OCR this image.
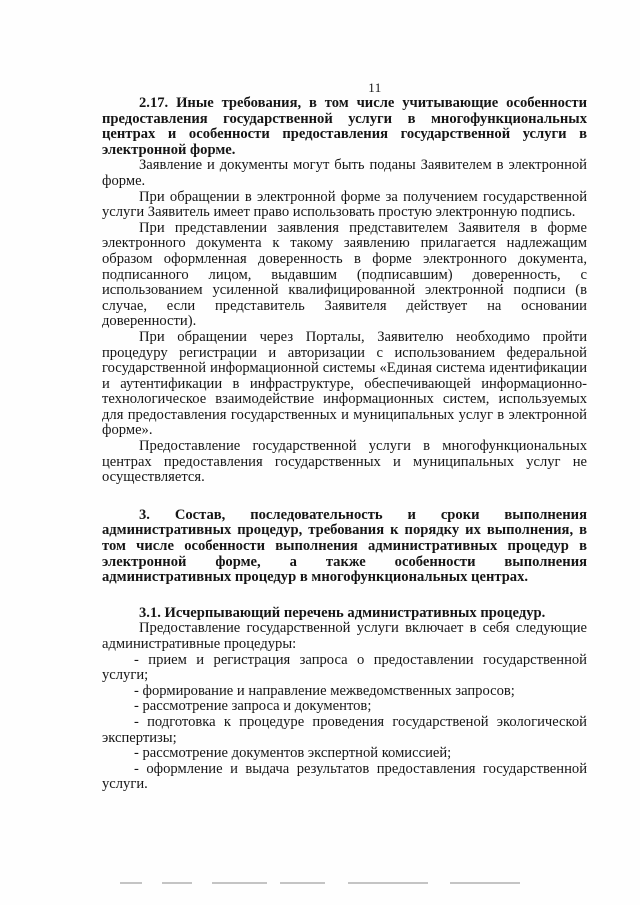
11

2.17. Иные требования, в том числе учитывающие особенности предоставления государственной услуги в многофункциональных центрах и особенности предоставления государственной услуги в электронной форме.

Заявление и документы могут быть поданы Заявителем в электронной форме.

При обращении в электронной форме за получением государственной услуги Заявитель имеет право использовать простую электронную подпись.

При представлении заявления представителем Заявителя в форме электронного документа к такому заявлению прилагается надлежащим образом оформленная доверенность в форме электронного документа, подписанного лицом, выдавшим (подписавшим) доверенность, с использованием усиленной квалифицированной электронной подписи (в случае, если представитель Заявителя действует на основании доверенности).

При обращении через Порталы, Заявителю необходимо пройти процедуру регистрации и авторизации с использованием федеральной государственной информационной системы «Единая система идентификации и аутентификации в инфраструктуре, обеспечивающей информационно-технологическое взаимодействие информационных систем, используемых для предоставления государственных и муниципальных услуг в электронной форме».

Предоставление государственной услуги в многофункциональных центрах предоставления государственных и муниципальных услуг не осуществляется.

3. Состав, последовательность и сроки выполнения административных процедур, требования к порядку их выполнения, в том числе особенности выполнения административных процедур в электронной форме, а также особенности выполнения административных процедур в многофункциональных центрах.

3.1. Исчерпывающий перечень административных процедур.

Предоставление государственной услуги включает в себя следующие административные процедуры:

- прием и регистрация запроса о предоставлении государственной услуги;

- формирование и направление межведомственных запросов;

- рассмотрение запроса и документов;

- подготовка к процедуре проведения государственой экологической экспертизы;

- рассмотрение документов экспертной комиссией;

- оформление и выдача результатов предоставления государственной услуги.
